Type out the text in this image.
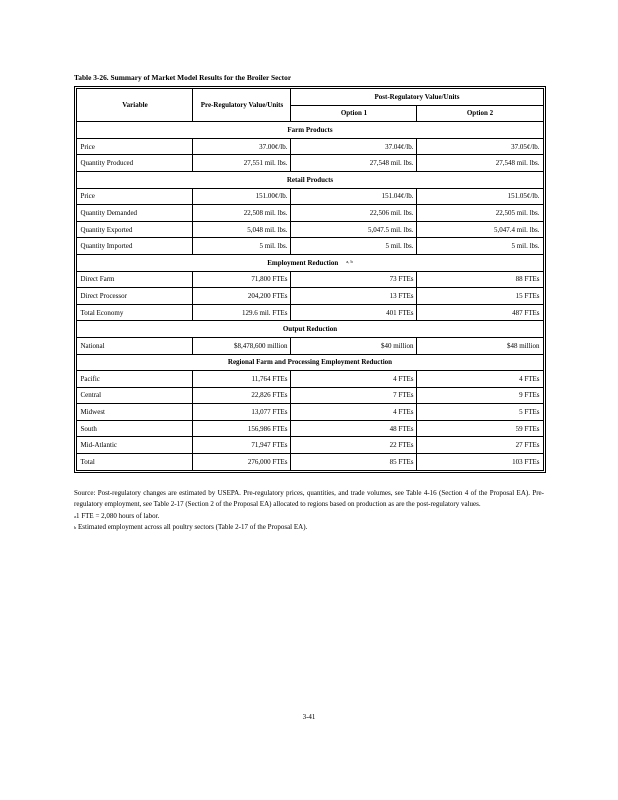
Table 3-26. Summary of Market Model Results for the Broiler Sector
Variable	Pre-Regulatory Value/Units	Post-Regulatory Value/Units	
		Option 1	Option 2
Farm Products			
Price	37.00¢/lb.	37.04¢/lb.	37.05¢/lb.
Quantity Produced	27,551 mil. lbs.	27,548 mil. lbs.	27,548 mil. lbs.
Retail Products			
Price	151.00¢/lb.	151.04¢/lb.	151.05¢/lb.
Quantity Demanded	22,508 mil. lbs.	22,506 mil. lbs.	22,505 mil. lbs.
Quantity Exported	5,048 mil. lbs.	5,047.5 mil. lbs.	5,047.4 mil. lbs.
Quantity Imported	5 mil. lbs.	5 mil. lbs.	5 mil. lbs.
Employment Reduction $^{a, b}$
Direct Farm	71,800 FTEs	73 FTEs	88 FTEs
Direct Processor	204,200 FTEs	13 FTEs	15 FTEs
Total Economy	129.6 mil. FTEs	401 FTEs	487 FTEs
Output Reduction			
National	$8,478,600 million	$40 million	$48 million
Regional Farm and Processing Employment Reduction			
Pacific	11,764 FTEs	4 FTEs	4 FTEs
Central	22,826 FTEs	7 FTEs	9 FTEs
Midwest	13,077 FTEs	4 FTEs	5 FTEs
South	156,986 FTEs	48 FTEs	59 FTEs
Mid-Atlantic	71,947 FTEs	22 FTEs	27 FTEs
Total	276,000 FTEs	85 FTEs	103 FTEs

Source: Post-regulatory changes are estimated by USEPA. Pre-regulatory prices, quantities, and trade volumes, see Table 4-16 (Section 4 of the Proposal EA). Pre-regulatory employment, see Table 2-17 (Section 2 of the Proposal EA) allocated to regions based on production as are the post-regulatory values.

$^a$1 FTE = 2,080 hours of labor.

$^b$ Estimated employment across all poultry sectors (Table 2-17 of the Proposal EA).

3-41
